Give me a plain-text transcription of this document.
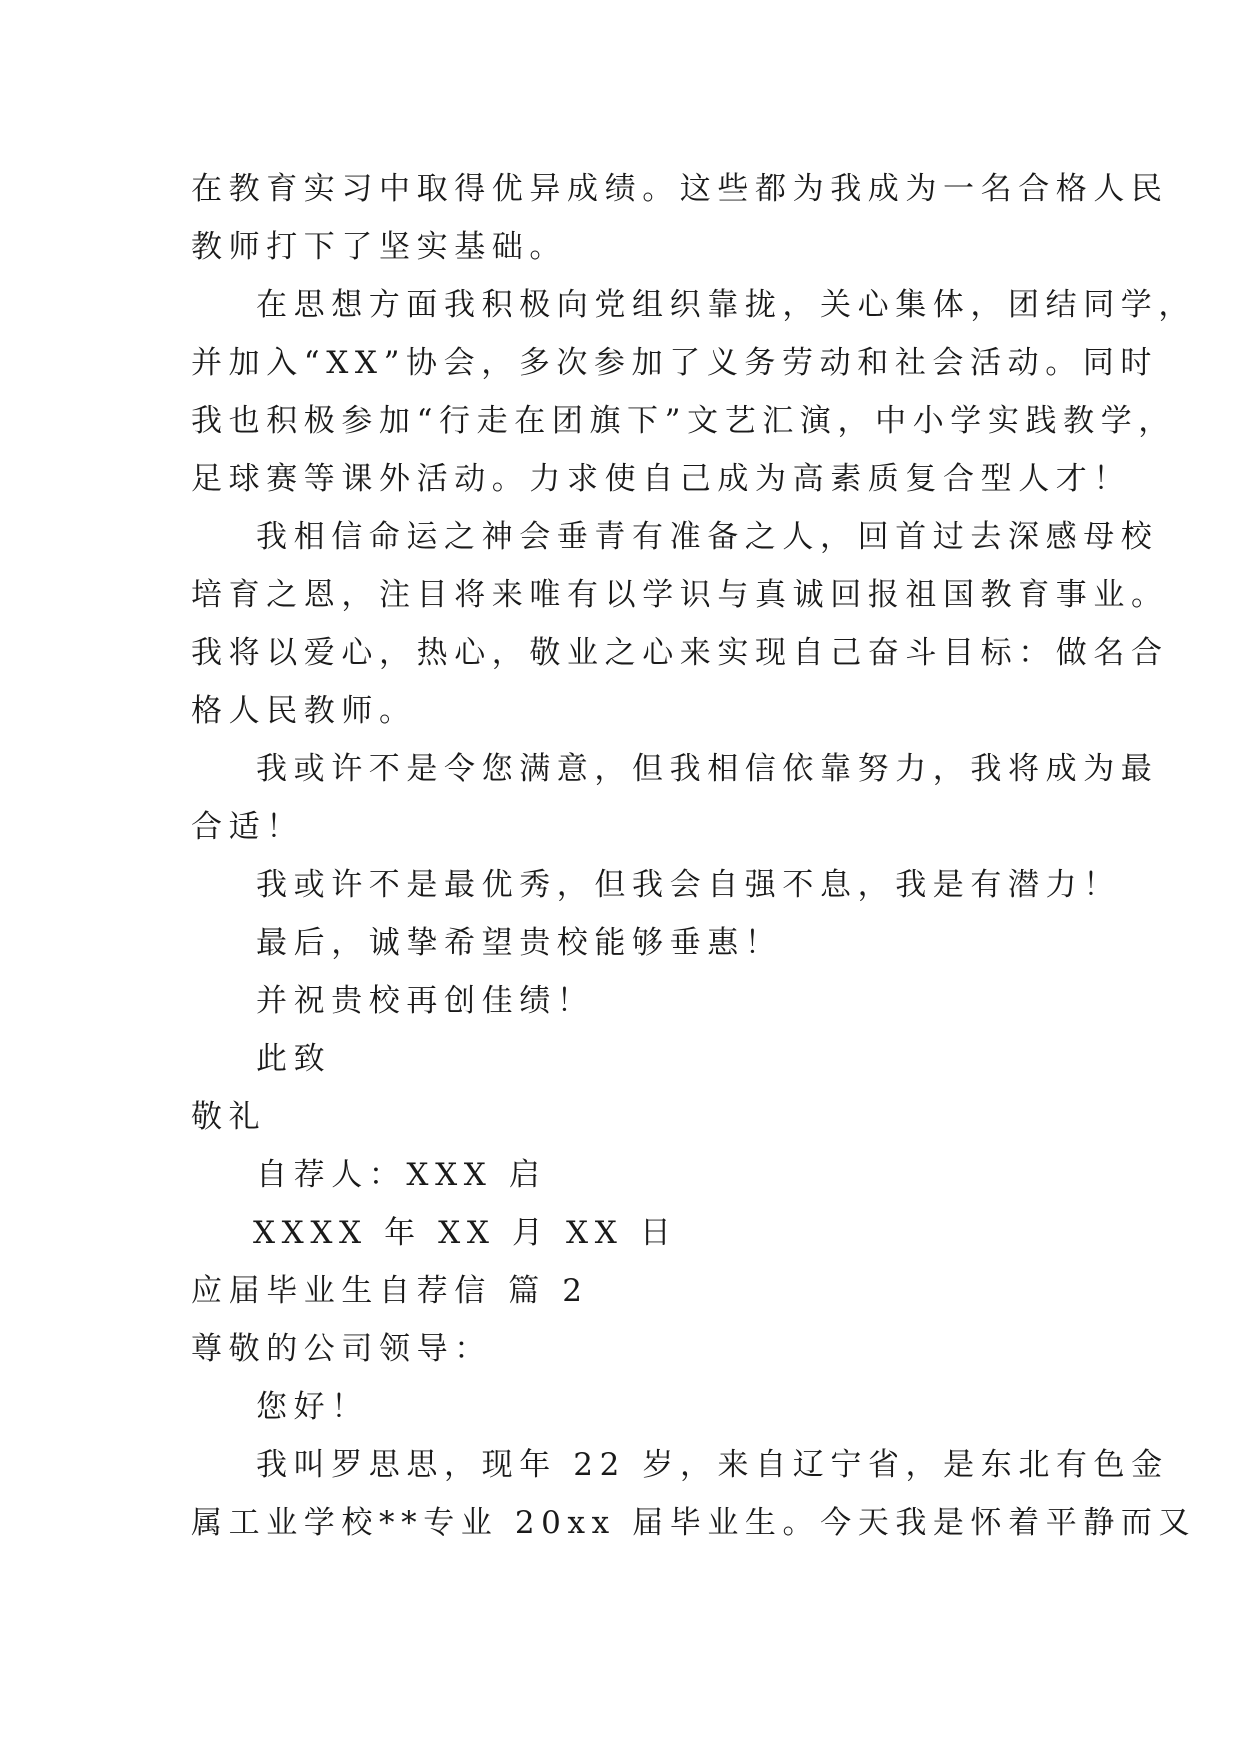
在教育实习中取得优异成绩。这些都为我成为一名合格人民
教师打下了坚实基础。
在思想方面我积极向党组织靠拢，关心集体，团结同学，
并加入“XX”协会，多次参加了义务劳动和社会活动。同时
我也积极参加“行走在团旗下”文艺汇演，中小学实践教学，
足球赛等课外活动。力求使自己成为高素质复合型人才！
我相信命运之神会垂青有准备之人，回首过去深感母校
培育之恩，注目将来唯有以学识与真诚回报祖国教育事业。
我将以爱心，热心，敬业之心来实现自己奋斗目标：做名合
格人民教师。
我或许不是令您满意，但我相信依靠努力，我将成为最
合适！
我或许不是最优秀，但我会自强不息，我是有潜力！
最后，诚挚希望贵校能够垂惠！
并祝贵校再创佳绩！
此致
敬礼
自荐人：XXX 启
XXXX 年 XX 月 XX 日
应届毕业生自荐信 篇 2
尊敬的公司领导：
您好！
我叫罗思思，现年 22 岁，来自辽宁省，是东北有色金
属工业学校**专业 20xx 届毕业生。今天我是怀着平静而又
